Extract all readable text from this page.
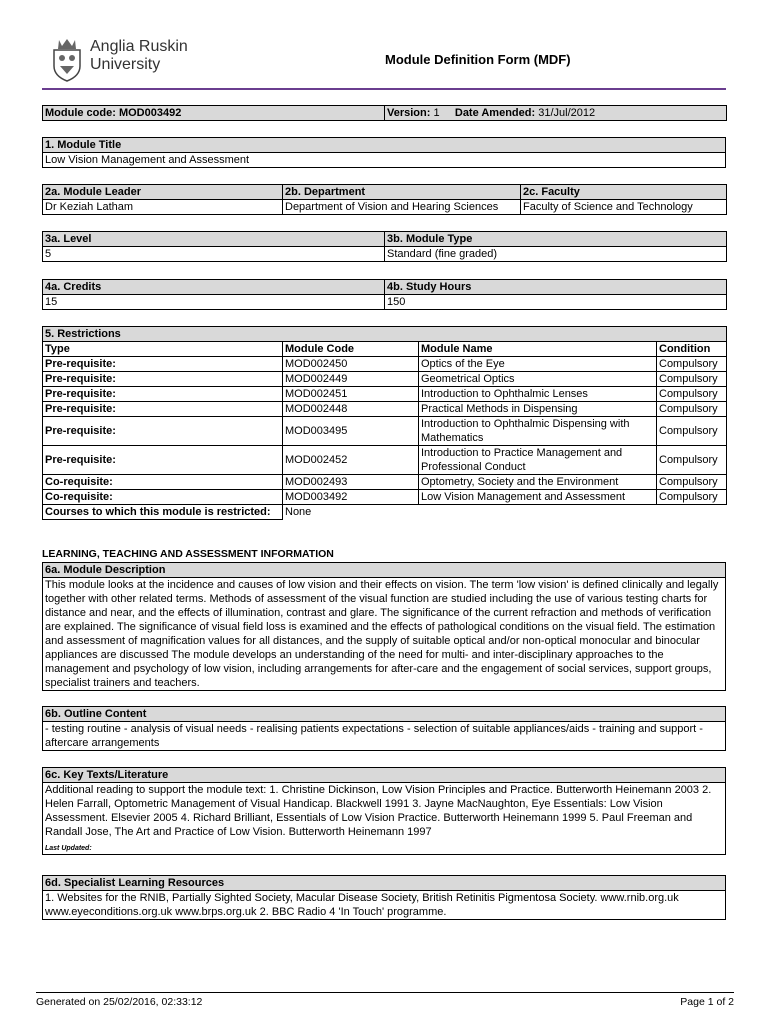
Anglia Ruskin
University	Module Definition Form (MDF)
Module code: MOD003492	Version: 1 Date Amended: 31/Jul/2012
1. Module Title
Low Vision Management and Assessment
2a. Module Leader	2b. Department	2c. Faculty
Dr Keziah Latham	Department of Vision and Hearing Sciences	Faculty of Science and Technology
3a. Level	3b. Module Type
5	Standard (fine graded)
4a. Credits	4b. Study Hours
15	150
5. Restrictions			
Type	Module Code	Module Name	Condition
Pre-requisite:	MOD002450	Optics of the Eye	Compulsory
Pre-requisite:	MOD002449	Geometrical Optics	Compulsory
Pre-requisite:	MOD002451	Introduction to Ophthalmic Lenses	Compulsory
Pre-requisite:	MOD002448	Practical Methods in Dispensing	Compulsory
Pre-requisite:	MOD003495	Introduction to Ophthalmic Dispensing with Mathematics	Compulsory
Pre-requisite:	MOD002452	Introduction to Practice Management and Professional Conduct	Compulsory
Co-requisite:	MOD002493	Optometry, Society and the Environment	Compulsory
Co-requisite:	MOD003492	Low Vision Management and Assessment	Compulsory
Courses to which this module is restricted:	None		
LEARNING, TEACHING AND ASSESSMENT INFORMATION
6a. Module Description
This module looks at the incidence and causes of low vision and their effects on vision. The term 'low vision' is defined clinically and legally together with other related terms. Methods of assessment of the visual function are studied including the use of various testing charts for distance and near, and the effects of illumination, contrast and glare. The significance of the current refraction and methods of verification are explained. The significance of visual field loss is examined and the effects of pathological conditions on the visual field. The estimation and assessment of magnification values for all distances, and the supply of suitable optical and/or non-optical monocular and binocular appliances are discussed The module develops an understanding of the need for multi- and inter-disciplinary approaches to the management and psychology of low vision, including arrangements for after-care and the engagement of social services, support groups, specialist trainers and teachers.
6b. Outline Content
- testing routine - analysis of visual needs - realising patients expectations - selection of suitable appliances/aids - training and support - aftercare arrangements
6c. Key Texts/Literature

Additional reading to support the module text: 1. Christine Dickinson, Low Vision Principles and Practice. Butterworth Heinemann 2003 2. Helen Farrall, Optometric Management of Visual Handicap. Blackwell 1991 3. Jayne MacNaughton, Eye Essentials: Low Vision Assessment. Elsevier 2005 4. Richard Brilliant, Essentials of Low Vision Practice. Butterworth Heinemann 1999 5. Paul Freeman and Randall Jose, The Art and Practice of Low Vision. Butterworth Heinemann 1997
Last Updated:
6d. Specialist Learning Resources
1. Websites for the RNIB, Partially Sighted Society, Macular Disease Society, British Retinitis Pigmentosa Society. www.rnib.org.uk www.eyeconditions.org.uk www.brps.org.uk 2. BBC Radio 4 'In Touch' programme.
Generated on 25/02/2016, 02:33:12	Page 1 of 2
